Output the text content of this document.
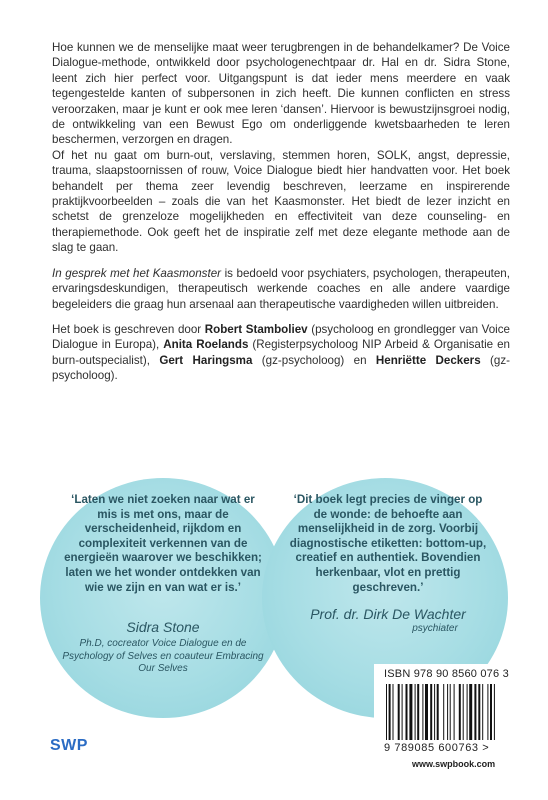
Hoe kunnen we de menselijke maat weer terugbrengen in de behandelkamer? De Voice Dialogue-methode, ontwikkeld door psychologenechtpaar dr. Hal en dr. Sidra Stone, leent zich hier perfect voor. Uitgangspunt is dat ieder mens meerdere en vaak tegengestelde kanten of subpersonen in zich heeft. Die kunnen conflicten en stress veroorzaken, maar je kunt er ook mee leren ‘dansen’. Hiervoor is bewustzijnsgroei nodig, de ontwikkeling van een Bewust Ego om onderliggende kwetsbaarheden te leren beschermen, verzorgen en dragen.

Of het nu gaat om burn-out, verslaving, stemmen horen, SOLK, angst, depressie, trauma, slaapstoornissen of rouw, Voice Dialogue biedt hier handvatten voor. Het boek behandelt per thema zeer levendig beschreven, leerzame en inspirerende praktijkvoorbeelden – zoals die van het Kaasmonster. Het biedt de lezer inzicht en schetst de grenzeloze mogelijkheden en effectiviteit van deze counseling- en therapiemethode. Ook geeft het de inspiratie zelf met deze elegante methode aan de slag te gaan.

In gesprek met het Kaasmonster is bedoeld voor psychiaters, psychologen, therapeuten, ervaringsdeskundigen, therapeutisch werkende coaches en alle andere vaardige begeleiders die graag hun arsenaal aan therapeutische vaardigheden willen uitbreiden.

Het boek is geschreven door Robert Stamboliev (psycholoog en grondlegger van Voice Dialogue in Europa), Anita Roelands (Registerpsycholoog NIP Arbeid & Organisatie en burn-outspecialist), Gert Haringsma (gz-psycholoog) en Henriëtte Deckers (gz-psycholoog).

‘Laten we niet zoeken naar wat er mis is met ons, maar de verscheidenheid, rijkdom en complexiteit verkennen van de energieën waarover we beschikken; laten we het wonder ontdekken van wie we zijn en van wat er is.’
Sidra Stone
Ph.D, cocreator Voice Dialogue en de Psychology of Selves en coauteur Embracing Our Selves
‘Dit boek legt precies de vinger op de wonde: de behoefte aan menselijkheid in de zorg. Voorbij diagnostische etiketten: bottom-up, creatief en authentiek. Bovendien herkenbaar, vlot en prettig geschreven.’
Prof. dr. Dirk De Wachter
psychiater
ISBN 978 90 8560 076 3
9 789085 600763 >
www.swpbook.com
SWP
